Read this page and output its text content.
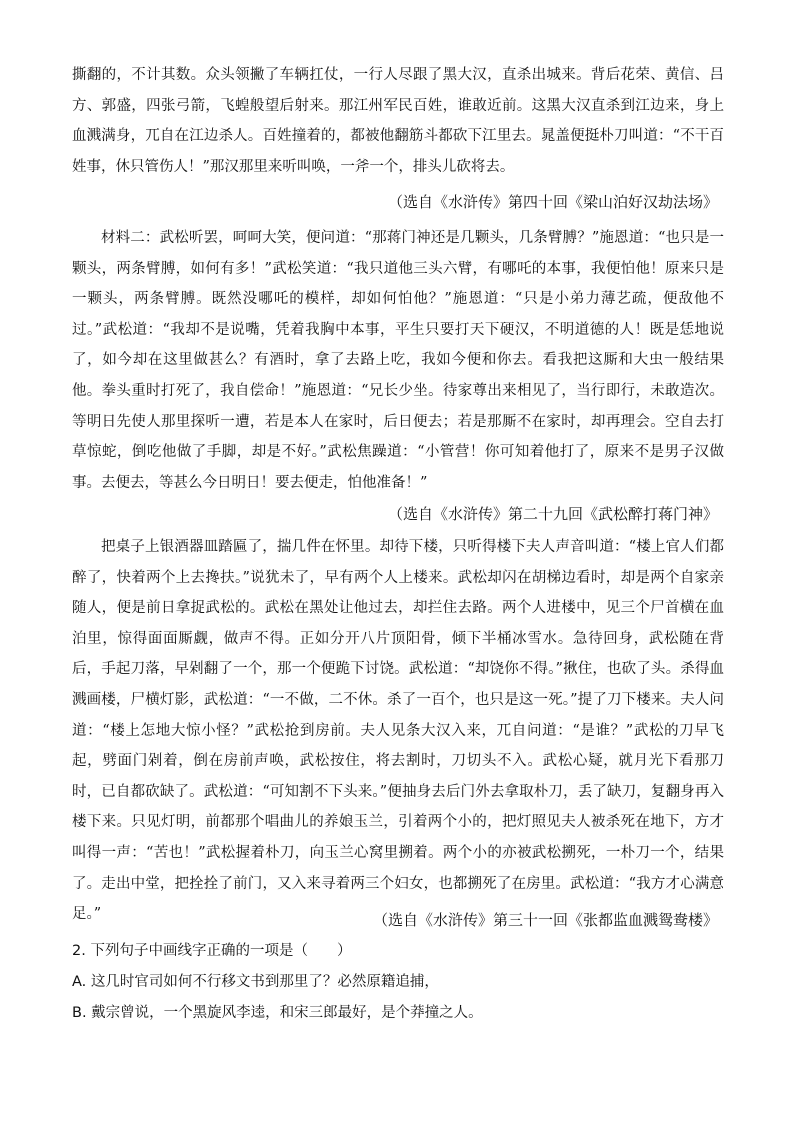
撕翻的，不计其数。众头领撇了车辆扛仗，一行人尽跟了黑大汉，直杀出城来。背后花荣、黄信、吕方、郭盛，四张弓箭，飞蝗般望后射来。那江州军民百姓，谁敢近前。这黑大汉直杀到江边来，身上血溅满身，兀自在江边杀人。百姓撞着的，都被他翻筋斗都砍下江里去。晁盖便挺朴刀叫道：“不干百姓事，休只管伤人！”那汉那里来听叫唤，一斧一个，排头儿砍将去。

（选自《水浒传》第四十回《梁山泊好汉劫法场》

材料二：武松听罢，呵呵大笑，便问道：“那蒋门神还是几颗头，几条臂膊？”施恩道：“也只是一颗头，两条臂膊，如何有多！”武松笑道：“我只道他三头六臂，有哪吒的本事，我便怕他！原来只是一颗头，两条臂膊。既然没哪吒的模样，却如何怕他？”施恩道：“只是小弟力薄艺疏，便敌他不过。”武松道：“我却不是说嘴，凭着我胸中本事，平生只要打天下硬汉，不明道德的人！既是恁地说了，如今却在这里做甚么？有酒时，拿了去路上吃，我如今便和你去。看我把这厮和大虫一般结果他。拳头重时打死了，我自偿命！”施恩道：“兄长少坐。待家尊出来相见了，当行即行，未敢造次。等明日先使人那里探听一遭，若是本人在家时，后日便去；若是那厮不在家时，却再理会。空自去打草惊蛇，倒吃他做了手脚，却是不好。”武松焦躁道：“小管营！你可知着他打了，原来不是男子汉做事。去便去，等甚么今日明日！要去便走，怕他准备！”

（选自《水浒传》第二十九回《武松醉打蒋门神》

把桌子上银酒器皿踏匾了，揣几件在怀里。却待下楼，只听得楼下夫人声音叫道：“楼上官人们都醉了，快着两个上去搀扶。”说犹未了，早有两个人上楼来。武松却闪在胡梯边看时，却是两个自家亲随人，便是前日拿捉武松的。武松在黑处让他过去，却拦住去路。两个人进楼中，见三个尸首横在血泊里，惊得面面厮觑，做声不得。正如分开八片顶阳骨，倾下半桶冰雪水。急待回身，武松随在背后，手起刀落，早剁翻了一个，那一个便跪下讨饶。武松道：“却饶你不得。”揪住，也砍了头。杀得血溅画楼，尸横灯影，武松道：“一不做，二不休。杀了一百个，也只是这一死。”提了刀下楼来。夫人问道：“楼上怎地大惊小怪？”武松抢到房前。夫人见条大汉入来，兀自问道：“是谁？”武松的刀早飞起，劈面门剁着，倒在房前声唤，武松按住，将去割时，刀切头不入。武松心疑，就月光下看那刀时，已自都砍缺了。武松道：“可知割不下头来。”便抽身去后门外去拿取朴刀，丢了缺刀，复翻身再入楼下来。只见灯明，前都那个唱曲儿的养娘玉兰，引着两个小的，把灯照见夫人被杀死在地下，方才叫得一声：“苦也！”武松握着朴刀，向玉兰心窝里搠着。两个小的亦被武松搠死，一朴刀一个，结果了。走出中堂，把拴拴了前门，又入来寻着两三个妇女，也都搠死了在房里。武松道：“我方才心满意足。”	（选自《水浒传》第三十一回《张都监血溅鸳鸯楼》

2. 下列句子中画线字正确的一项是（　　）

A. 这几时官司如何不行移文书到那里了？必然原籍追捕，

B. 戴宗曾说，一个黑旋风李逵，和宋三郎最好，是个莽撞之人。
